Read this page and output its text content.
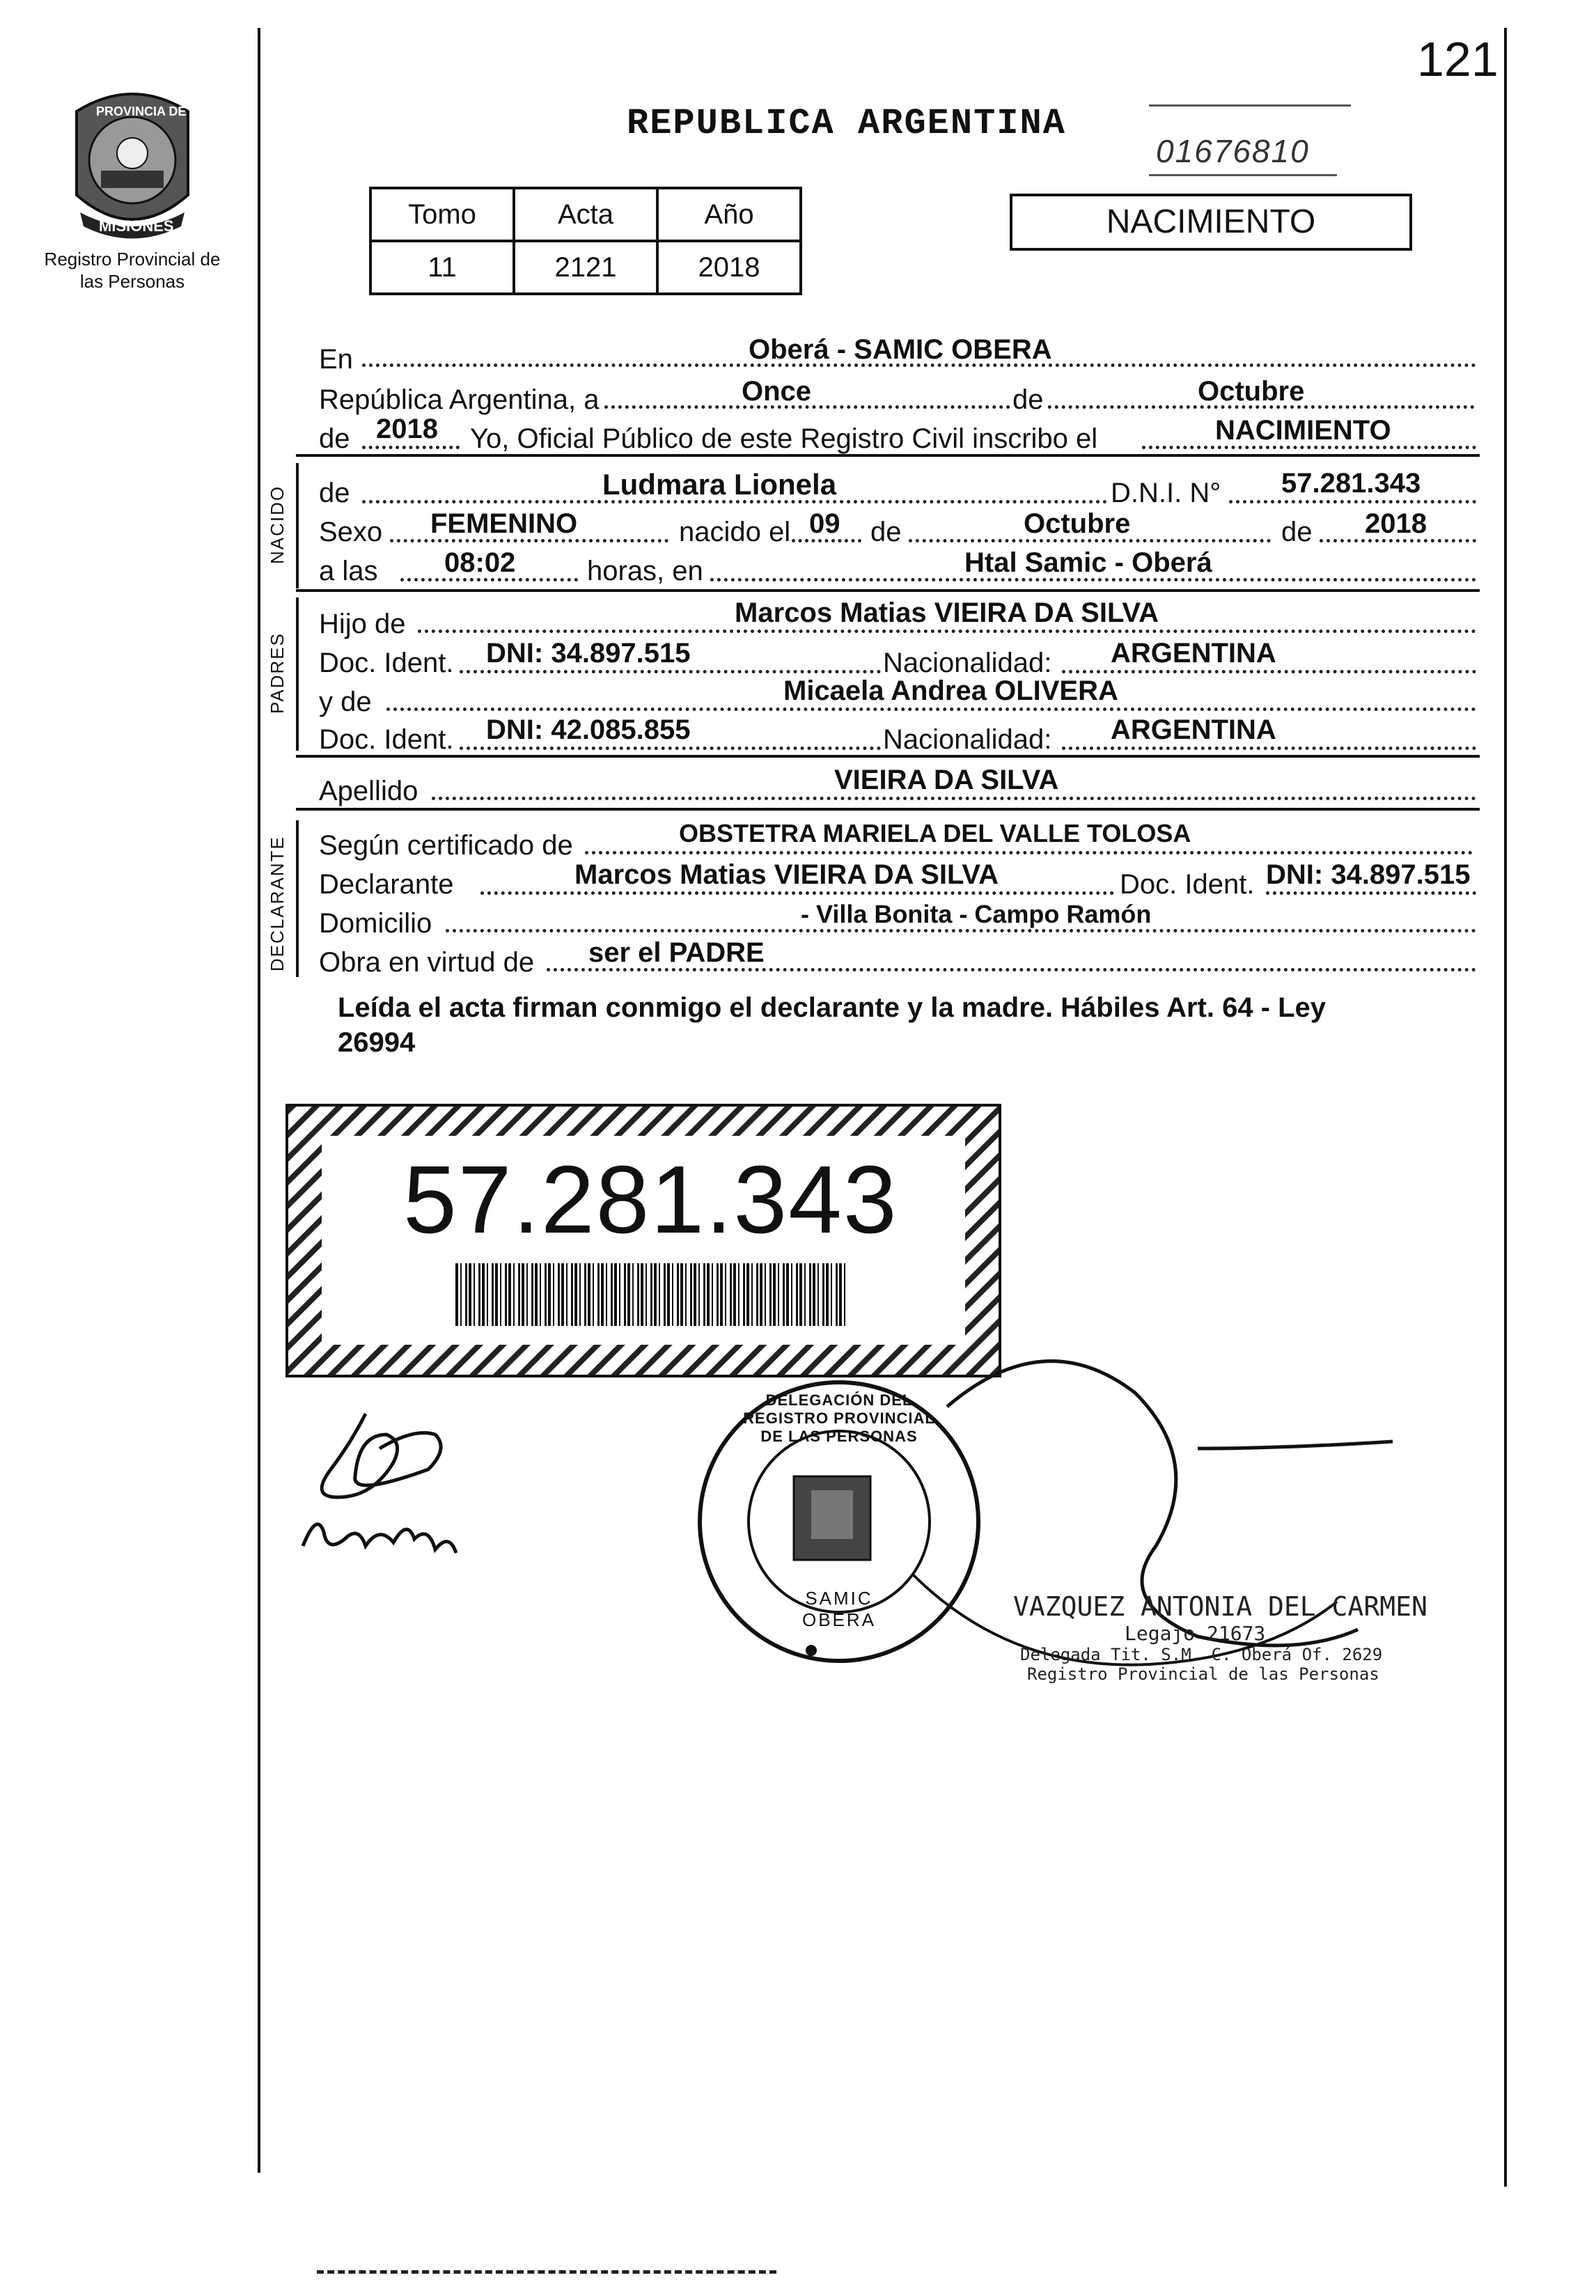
PROVINCIA DE
MISIONES
Registro Provincial de las Personas
121
REPUBLICA ARGENTINA
01676810
Tomo	Acta	Año
11	2121	2018
NACIMIENTO
En	Oberá - SAMIC OBERA
República Argentina, a	Once	de	Octubre
de 2018 Yo, Oficial Público de este Registro Civil inscribo el	NACIMIENTO
NACIDO de	Ludmara Lionela	D.N.I. N° 57.281.343
Sexo FEMENINO	nacido el 09 de	Octubre	de 2018
a las 08:02	horas, en	Htal Samic - Oberá
PADRES
Hijo de	Marcos Matias VIEIRA DA SILVA
Doc. Ident. DNI: 34.897.515	Nacionalidad: ARGENTINA
y de	Micaela Andrea OLIVERA
Doc. Ident. DNI: 42.085.855	Nacionalidad: ARGENTINA
Apellido	VIEIRA DA SILVA
DECLARANTE Según certificado de	OBSTETRA MARIELA DEL VALLE TOLOSA
Declarante	Marcos Matias VIEIRA DA SILVA	Doc. Ident. DNI: 34.897.515
Domicilio	- Villa Bonita - Campo Ramón
Obra en virtud de ser el PADRE
Leída el acta firman conmigo el declarante y la madre. Hábiles Art. 64 - Ley
26994
57.281.343
DELEGACIÓN DEL REGISTRO PROVINCIAL DE LAS PERSONAS
SAMIC OBERA	VAZQUEZ ANTONIA DEL CARMEN
Legajo 21673
Delegada Tit. S.M. C. Oberá Of. 2629
Registro Provincial de las Personas
